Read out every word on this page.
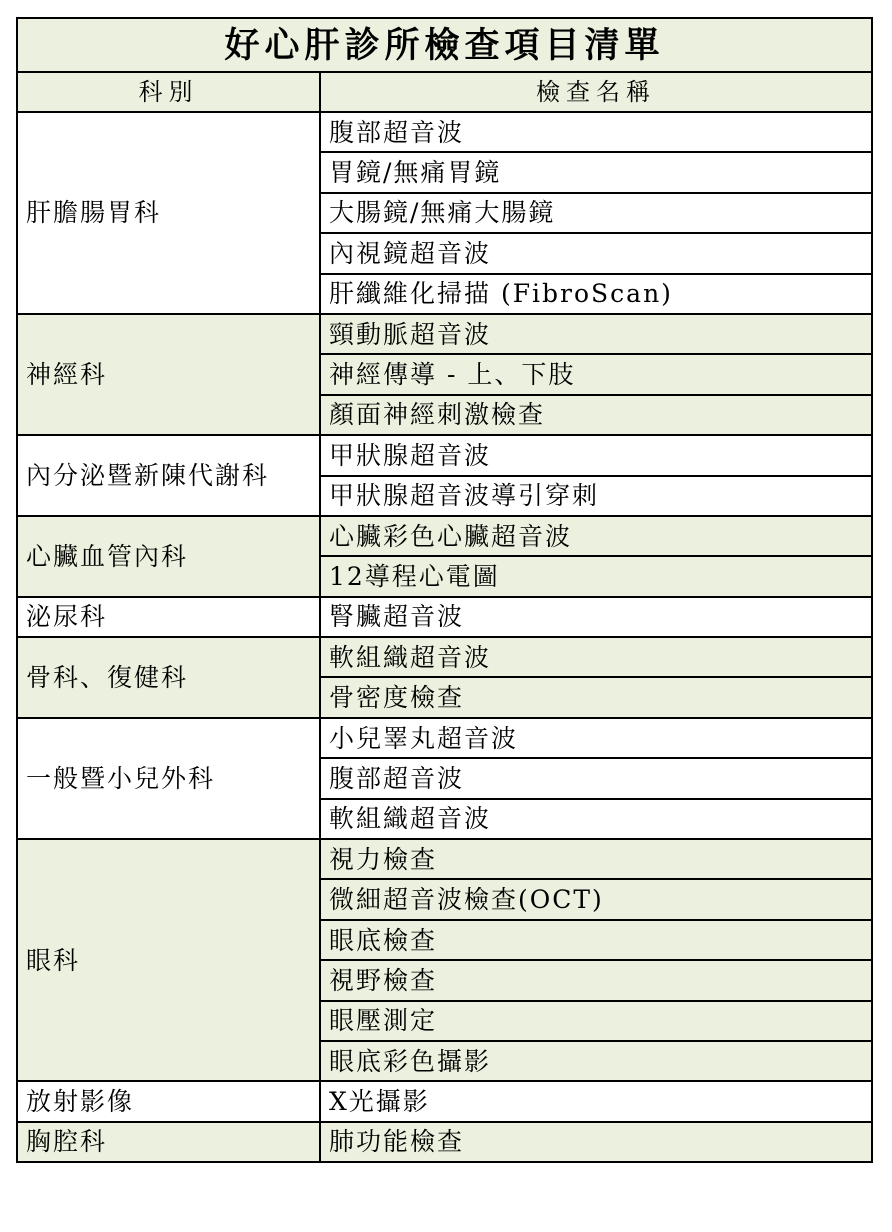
好心肝診所檢查項目清單	
科別	檢查名稱
肝膽腸胃科	腹部超音波
	胃鏡/無痛胃鏡
	大腸鏡/無痛大腸鏡
	內視鏡超音波
	肝纖維化掃描 (FibroScan)
神經科	頸動脈超音波
	神經傳導 - 上、下肢
	顏面神經刺激檢查
內分泌暨新陳代謝科	甲狀腺超音波
	甲狀腺超音波導引穿刺
心臟血管內科	心臟彩色心臟超音波
	12導程心電圖
泌尿科	腎臟超音波
骨科、復健科	軟組織超音波
	骨密度檢查
一般暨小兒外科	小兒睪丸超音波
	腹部超音波
	軟組織超音波
眼科	視力檢查
	微細超音波檢查(OCT)
	眼底檢查
	視野檢查
	眼壓測定
	眼底彩色攝影
放射影像	X光攝影
胸腔科	肺功能檢查
